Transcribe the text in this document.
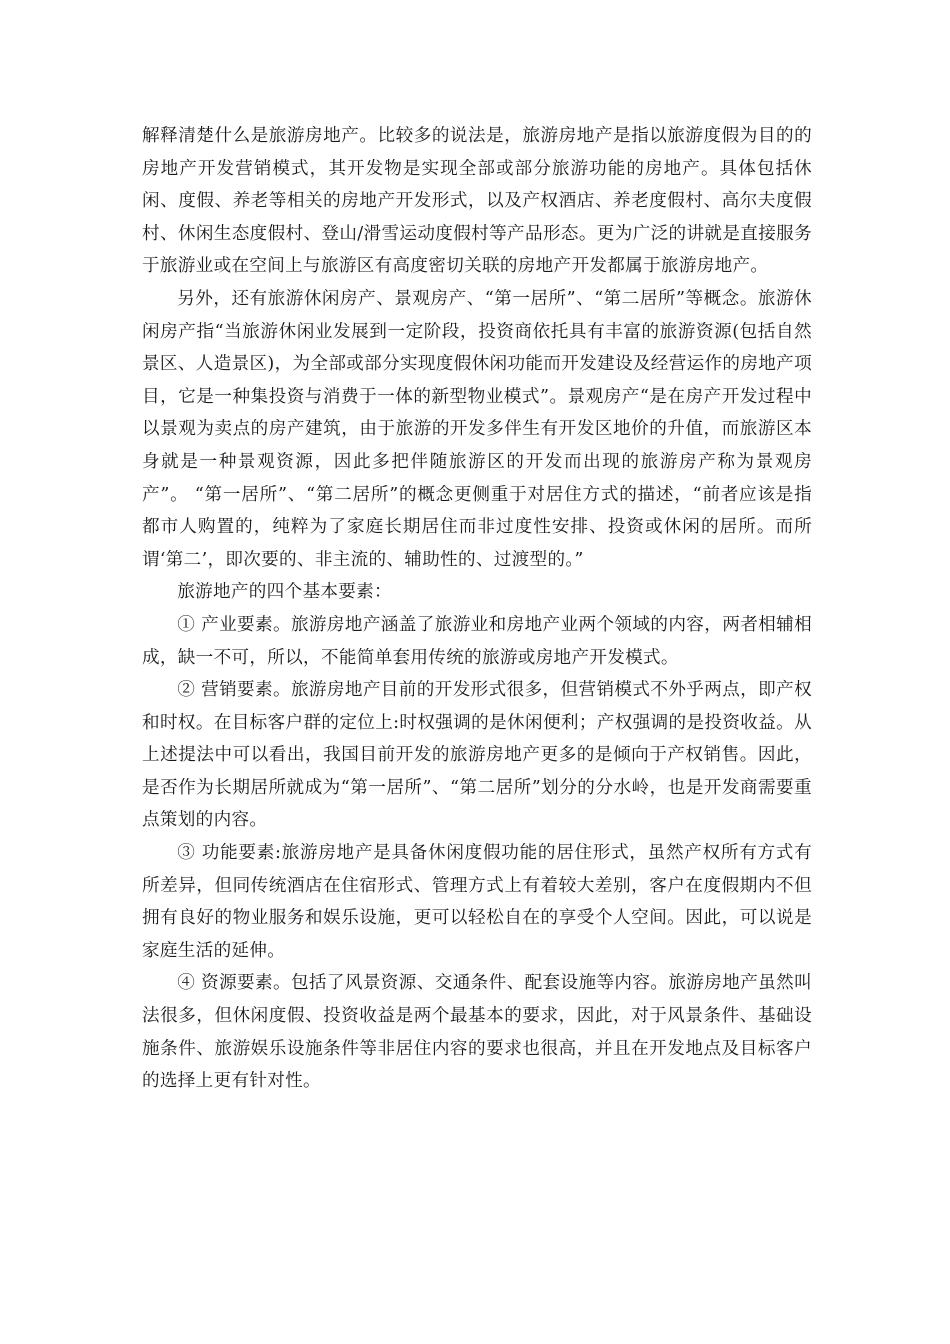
解释清楚什么是旅游房地产。比较多的说法是，旅游房地产是指以旅游度假为目的的房地产开发营销模式，其开发物是实现全部或部分旅游功能的房地产。具体包括休闲、度假、养老等相关的房地产开发形式，以及产权酒店、养老度假村、高尔夫度假村、休闲生态度假村、登山/滑雪运动度假村等产品形态。更为广泛的讲就是直接服务于旅游业或在空间上与旅游区有高度密切关联的房地产开发都属于旅游房地产。

另外，还有旅游休闲房产、景观房产、“第一居所”、“第二居所”等概念。旅游休闲房产指“当旅游休闲业发展到一定阶段，投资商依托具有丰富的旅游资源(包括自然景区、人造景区)，为全部或部分实现度假休闲功能而开发建设及经营运作的房地产项目，它是一种集投资与消费于一体的新型物业模式”。景观房产“是在房产开发过程中以景观为卖点的房产建筑，由于旅游的开发多伴生有开发区地价的升值，而旅游区本身就是一种景观资源，因此多把伴随旅游区的开发而出现的旅游房产称为景观房产”。 “第一居所”、“第二居所”的概念更侧重于对居住方式的描述，“前者应该是指都市人购置的，纯粹为了家庭长期居住而非过度性安排、投资或休闲的居所。而所谓‘第二’，即次要的、非主流的、辅助性的、过渡型的。”

旅游地产的四个基本要素：

① 产业要素。旅游房地产涵盖了旅游业和房地产业两个领域的内容，两者相辅相成，缺一不可，所以，不能简单套用传统的旅游或房地产开发模式。

② 营销要素。旅游房地产目前的开发形式很多，但营销模式不外乎两点，即产权和时权。在目标客户群的定位上:时权强调的是休闲便利；产权强调的是投资收益。从上述提法中可以看出，我国目前开发的旅游房地产更多的是倾向于产权销售。因此，是否作为长期居所就成为“第一居所”、“第二居所”划分的分水岭，也是开发商需要重点策划的内容。

③ 功能要素:旅游房地产是具备休闲度假功能的居住形式，虽然产权所有方式有所差异，但同传统酒店在住宿形式、管理方式上有着较大差别，客户在度假期内不但拥有良好的物业服务和娱乐设施，更可以轻松自在的享受个人空间。因此，可以说是家庭生活的延伸。

④ 资源要素。包括了风景资源、交通条件、配套设施等内容。旅游房地产虽然叫法很多，但休闲度假、投资收益是两个最基本的要求，因此，对于风景条件、基础设施条件、旅游娱乐设施条件等非居住内容的要求也很高，并且在开发地点及目标客户的选择上更有针对性。
